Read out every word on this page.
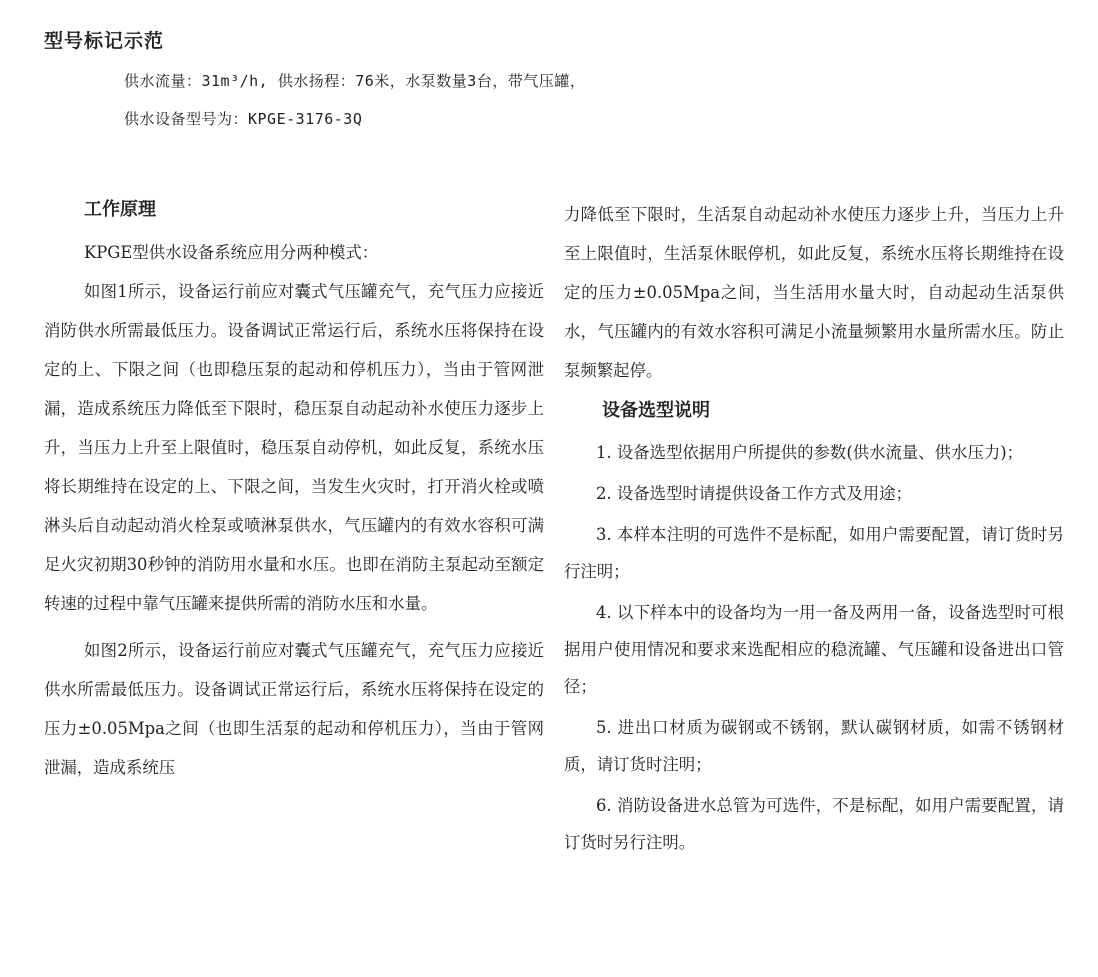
型号标记示范
供水流量：31m³/h, 供水扬程：76米，水泵数量3台，带气压罐，
供水设备型号为：KPGE-3176-3Q
工作原理

KPGE型供水设备系统应用分两种模式：

如图1所示，设备运行前应对囊式气压罐充气，充气压力应接近消防供水所需最低压力。设备调试正常运行后，系统水压将保持在设定的上、下限之间（也即稳压泵的起动和停机压力），当由于管网泄漏，造成系统压力降低至下限时，稳压泵自动起动补水使压力逐步上升，当压力上升至上限值时，稳压泵自动停机，如此反复，系统水压将长期维持在设定的上、下限之间，当发生火灾时，打开消火栓或喷淋头后自动起动消火栓泵或喷淋泵供水，气压罐内的有效水容积可满足火灾初期30秒钟的消防用水量和水压。也即在消防主泵起动至额定转速的过程中靠气压罐来提供所需的消防水压和水量。

如图2所示，设备运行前应对囊式气压罐充气，充气压力应接近供水所需最低压力。设备调试正常运行后，系统水压将保持在设定的压力±0.05Mpa之间（也即生活泵的起动和停机压力），当由于管网泄漏，造成系统压

力降低至下限时，生活泵自动起动补水使压力逐步上升，当压力上升至上限值时，生活泵休眠停机，如此反复，系统水压将长期维持在设定的压力±0.05Mpa之间，当生活用水量大时，自动起动生活泵供水，气压罐内的有效水容积可满足小流量频繁用水量所需水压。防止泵频繁起停。

设备选型说明

1. 设备选型依据用户所提供的参数(供水流量、供水压力)；

2. 设备选型时请提供设备工作方式及用途；

3. 本样本注明的可选件不是标配，如用户需要配置，请订货时另行注明；

4. 以下样本中的设备均为一用一备及两用一备，设备选型时可根据用户使用情况和要求来选配相应的稳流罐、气压罐和设备进出口管径；

5. 进出口材质为碳钢或不锈钢，默认碳钢材质，如需不锈钢材质，请订货时注明；

6. 消防设备进水总管为可选件，不是标配，如用户需要配置，请订货时另行注明。
